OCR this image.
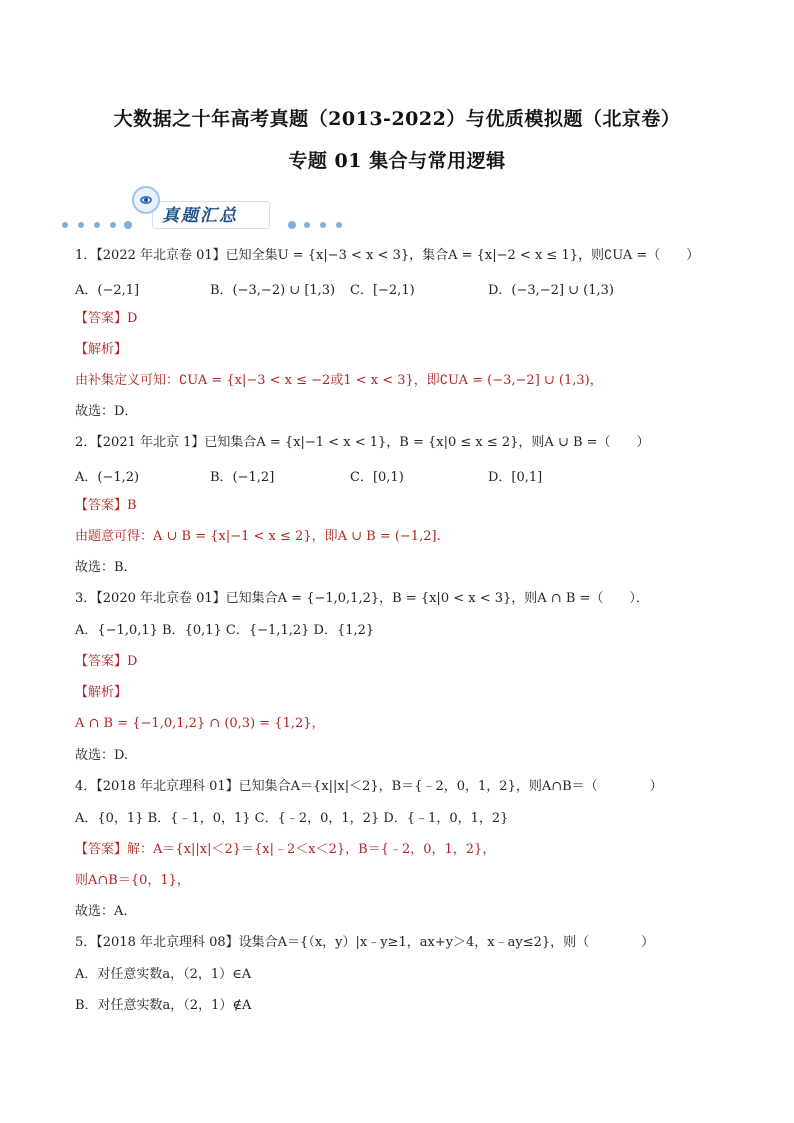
大数据之十年高考真题（2013-2022）与优质模拟题（北京卷）
专题 01 集合与常用逻辑
真题汇总
1．【2022 年北京卷 01】已知全集U = {x|−3 < x < 3}，集合A = {x|−2 < x ≤ 1}，则∁UA =（　　）
A．(−2,1]	B．(−3,−2) ∪ [1,3) C．[−2,1)	D．(−3,−2] ∪ (1,3)
【答案】D
【解析】
由补集定义可知：∁UA = {x|−3 < x ≤ −2或1 < x < 3}，即∁UA = (−3,−2] ∪ (1,3)，
故选：D．
2．【2021 年北京 1】已知集合A = {x|−1 < x < 1}，B = {x|0 ≤ x ≤ 2}，则A ∪ B =（　　）
A．(−1,2)	B．(−1,2]	C．[0,1)	D．[0,1]
【答案】B
由题意可得：A ∪ B = {x|−1 < x ≤ 2}，即A ∪ B = (−1,2].
故选：B.
3．【2020 年北京卷 01】已知集合A = {−1,0,1,2}，B = {x|0 < x < 3}，则A ∩ B =（　　）．
A．{−1,0,1} B．{0,1} C．{−1,1,2} D．{1,2}
【答案】D
【解析】
A ∩ B = {−1,0,1,2} ∩ (0,3) = {1,2}，
故选：D.
4．【2018 年北京理科 01】已知集合A＝{x||x|＜2}，B＝{﹣2，0，1，2}，则A∩B＝（　　　　）
A．{0，1} B．{﹣1，0，1} C．{﹣2，0，1，2} D．{﹣1，0，1，2}
【答案】解：A＝{x||x|＜2}＝{x|﹣2＜x＜2}，B＝{﹣2，0，1，2}，
则A∩B＝{0，1}，
故选：A.
5．【2018 年北京理科 08】设集合A＝{（x，y）|x﹣y≥1，ax+y＞4，x﹣ay≤2}，则（　　　　）
A．对任意实数a，（2，1）∈A
B．对任意实数a，（2，1）∉A
